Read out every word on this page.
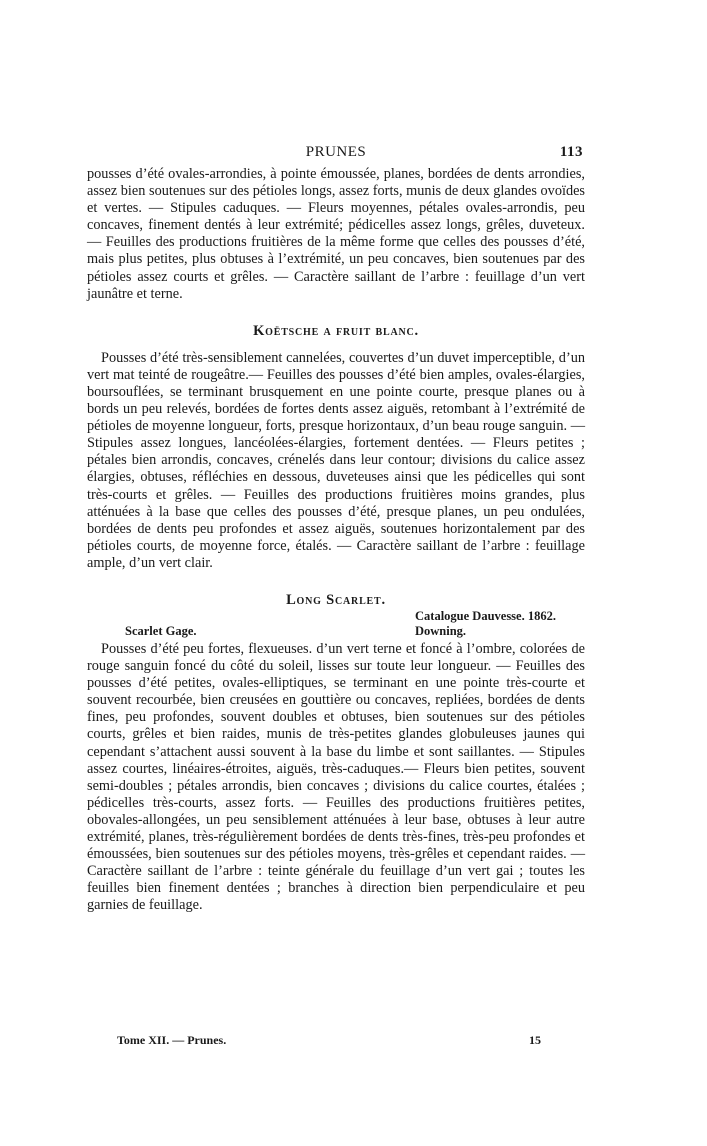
PRUNES	113

pousses d’été ovales-arrondies, à pointe émoussée, planes, bordées de dents arrondies, assez bien soutenues sur des pétioles longs, assez forts, munis de deux glandes ovoïdes et vertes. — Stipules caduques. — Fleurs moyennes, pétales ovales-arrondis, peu concaves, finement dentés à leur extrémité; pédicelles assez longs, grêles, duveteux. — Feuilles des productions fruitières de la même forme que celles des pousses d’été, mais plus petites, plus obtuses à l’extrémité, un peu concaves, bien soutenues par des pétioles assez courts et grêles. — Caractère saillant de l’arbre : feuillage d’un vert jaunâtre et terne.

Koëtsche a fruit blanc.

Pousses d’été très-sensiblement cannelées, couvertes d’un duvet imperceptible, d’un vert mat teinté de rougeâtre.— Feuilles des pousses d’été bien amples, ovales-élargies, boursouflées, se terminant brusquement en une pointe courte, presque planes ou à bords un peu relevés, bordées de fortes dents assez aiguës, retombant à l’extrémité de pétioles de moyenne longueur, forts, presque horizontaux, d’un beau rouge sanguin. — Stipules assez longues, lancéolées-élargies, fortement dentées. — Fleurs petites ; pétales bien arrondis, concaves, crénelés dans leur contour; divisions du calice assez élargies, obtuses, réfléchies en dessous, duveteuses ainsi que les pédicelles qui sont très-courts et grêles. — Feuilles des productions fruitières moins grandes, plus atténuées à la base que celles des pousses d’été, presque planes, un peu ondulées, bordées de dents peu profondes et assez aiguës, soutenues horizontalement par des pétioles courts, de moyenne force, étalés. — Caractère saillant de l’arbre : feuillage ample, d’un vert clair.

Long Scarlet.
Scarlet Gage.
Catalogue Dauvesse. 1862.
Downing.

Pousses d’été peu fortes, flexueuses. d’un vert terne et foncé à l’ombre, colorées de rouge sanguin foncé du côté du soleil, lisses sur toute leur longueur. — Feuilles des pousses d’été petites, ovales-elliptiques, se terminant en une pointe très-courte et souvent recourbée, bien creusées en gouttière ou concaves, repliées, bordées de dents fines, peu profondes, souvent doubles et obtuses, bien soutenues sur des pétioles courts, grêles et bien raides, munis de très-petites glandes globuleuses jaunes qui cependant s’attachent aussi souvent à la base du limbe et sont saillantes. — Stipules assez courtes, linéaires-étroites, aiguës, très-caduques.— Fleurs bien petites, souvent semi-doubles ; pétales arrondis, bien concaves ; divisions du calice courtes, étalées ; pédicelles très-courts, assez forts. — Feuilles des productions fruitières petites, obovales-allongées, un peu sensiblement atténuées à leur base, obtuses à leur autre extrémité, planes, très-régulièrement bordées de dents très-fines, très-peu profondes et émoussées, bien soutenues sur des pétioles moyens, très-grêles et cependant raides. — Caractère saillant de l’arbre : teinte générale du feuillage d’un vert gai ; toutes les feuilles bien finement dentées ; branches à direction bien perpendiculaire et peu garnies de feuillage.

Tome XII. — Prunes.	15
